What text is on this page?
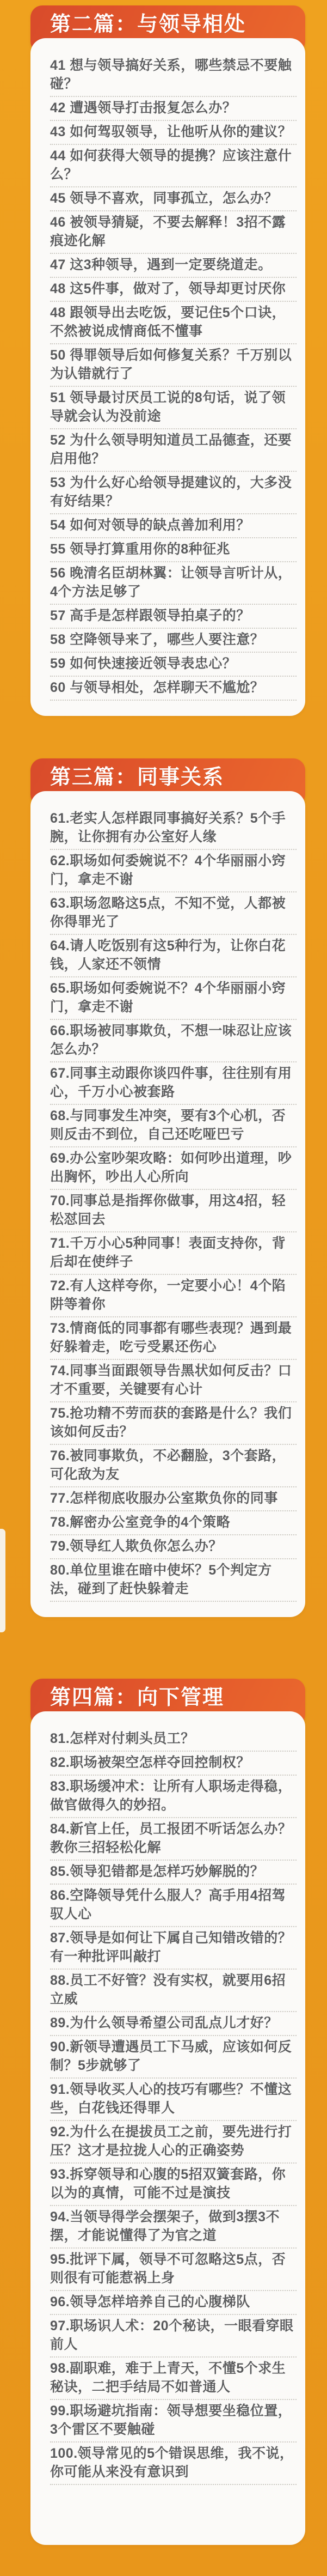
第二篇：与领导相处
41 想与领导搞好关系，哪些禁忌不要触碰？
42 遭遇领导打击报复怎么办？
43 如何驾驭领导，让他听从你的建议？
44 如何获得大领导的提携？应该注意什么？
45 领导不喜欢，同事孤立，怎么办？
46 被领导猜疑，不要去解释！3招不露痕迹化解
47 这3种领导，遇到一定要绕道走。
48 这5件事，做对了，领导却更讨厌你
48 跟领导出去吃饭，要记住5个口诀，不然被说成情商低不懂事
50 得罪领导后如何修复关系？千万别以为认错就行了
51 领导最讨厌员工说的8句话，说了领导就会认为没前途
52 为什么领导明知道员工品德查，还要启用他？
53 为什么好心给领导提建议的，大多没有好结果？
54 如何对领导的缺点善加利用？
55 领导打算重用你的8种征兆
56 晚清名臣胡林翼：让领导言听计从，4个方法足够了
57 高手是怎样跟领导拍桌子的？
58 空降领导来了，哪些人要注意？
59 如何快速接近领导表忠心？
60 与领导相处，怎样聊天不尴尬？
第三篇：同事关系
61.老实人怎样跟同事搞好关系？5个手腕，让你拥有办公室好人缘
62.职场如何委婉说不？4个华丽丽小窍门，拿走不谢
63.职场忽略这5点，不知不觉，人都被你得罪光了
64.请人吃饭别有这5种行为，让你白花钱，人家还不领情
65.职场如何委婉说不？4个华丽丽小窍门，拿走不谢
66.职场被同事欺负，不想一味忍让应该怎么办？
67.同事主动跟你谈四件事，往往别有用心，千万小心被套路
68.与同事发生冲突，要有3个心机，否则反击不到位，自己还吃哑巴亏
69.办公室吵架攻略：如何吵出道理，吵出胸怀，吵出人心所向
70.同事总是指挥你做事，用这4招，轻松怼回去
71.千万小心5种同事！表面支持你，背后却在使绊子
72.有人这样夸你，一定要小心！4个陷阱等着你
73.情商低的同事都有哪些表现？遇到最好躲着走，吃亏受累还伤心
74.同事当面跟领导告黑状如何反击？口才不重要，关键要有心计
75.抢功精不劳而获的套路是什么？我们该如何反击？
76.被同事欺负，不必翻脸，3个套路，可化敌为友
77.怎样彻底收服办公室欺负你的同事
78.解密办公室竞争的4个策略
79.领导红人欺负你怎么办？
80.单位里谁在暗中使坏？5个判定方法，碰到了赶快躲着走
第四篇：向下管理
81.怎样对付刺头员工？
82.职场被架空怎样夺回控制权？
83.职场缓冲术：让所有人职场走得稳，做官做得久的妙招。
84.新官上任，员工报团不听话怎么办？教你三招轻松化解
85.领导犯错都是怎样巧妙解脱的？
86.空降领导凭什么服人？高手用4招驾驭人心
87.领导是如何让下属自己知错改错的？有一种批评叫敲打
88.员工不好管？没有实权，就要用6招立威
89.为什么领导希望公司乱点儿才好？
90.新领导遭遇员工下马威，应该如何反制？5步就够了
91.领导收买人心的技巧有哪些？不懂这些，白花钱还得罪人
92.为什么在提拔员工之前，要先进行打压？这才是拉拢人心的正确姿势
93.拆穿领导和心腹的5招双簧套路，你以为的真情，可能不过是演技
94.当领导得学会摆架子，做到3摆3不摆，才能说懂得了为官之道
95.批评下属，领导不可忽略这5点，否则很有可能惹祸上身
96.领导怎样培养自己的心腹梯队
97.职场识人术：20个秘诀，一眼看穿眼前人
98.副职难，难于上青天，不懂5个求生秘诀，二把手结局不如普通人
99.职场避坑指南：领导想要坐稳位置，3个雷区不要触碰
100.领导常见的5个错误思维，我不说，你可能从来没有意识到
